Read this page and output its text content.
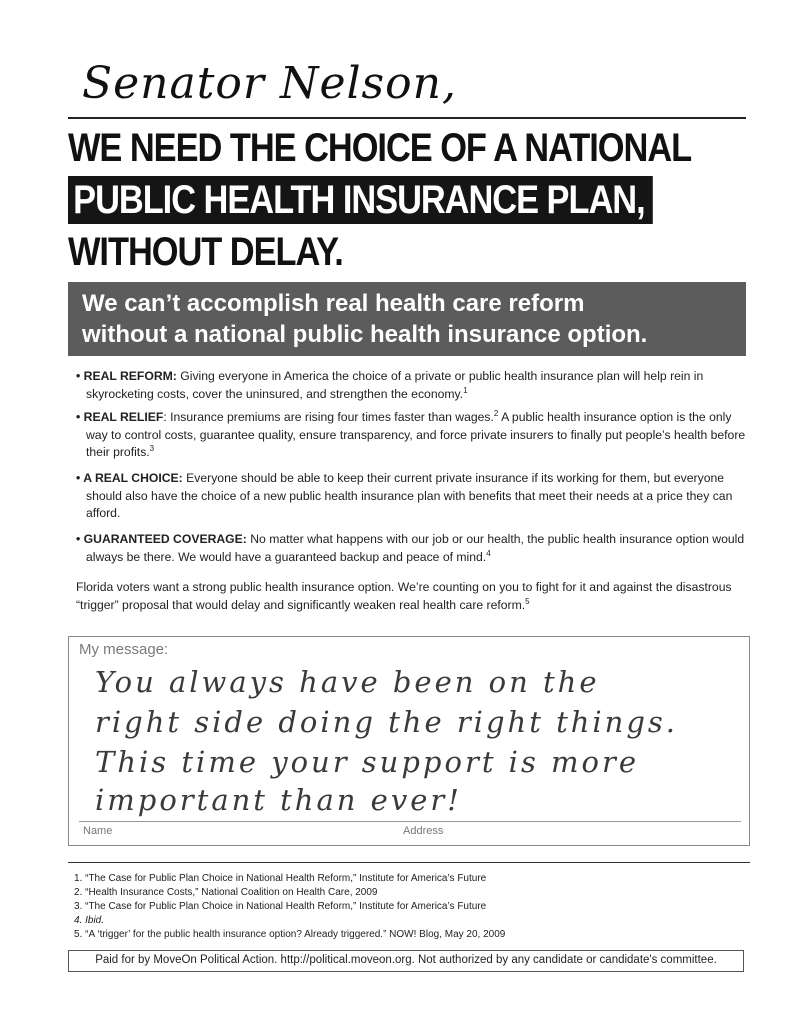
Senator Nelson,
WE NEED THE CHOICE OF A NATIONAL
PUBLIC HEALTH INSURANCE PLAN,
WITHOUT DELAY.
We can’t accomplish real health care reform
without a national public health insurance option.
• REAL REFORM: Giving everyone in America the choice of a private or public health insurance plan will help rein in skyrocketing costs, cover the uninsured, and strengthen the economy.$^1$
• REAL RELIEF: Insurance premiums are rising four times faster than wages.$^2$ A public health insurance option is the only way to control costs, guarantee quality, ensure transparency, and force private insurers to finally put people’s health before their profits.$^3$
• A REAL CHOICE: Everyone should be able to keep their current private insurance if its working for them, but everyone should also have the choice of a new public health insurance plan with benefits that meet their needs at a price they can afford.
• GUARANTEED COVERAGE: No matter what happens with our job or our health, the public health insurance option would always be there. We would have a guaranteed backup and peace of mind.$^4$
Florida voters want a strong public health insurance option. We’re counting on you to fight for it and against the disastrous “trigger” proposal that would delay and significantly weaken real health care reform.$^5$
My message:
You always have been on the
right side doing the right things.
This time your support is more
important than ever!
Name	Address
1. “The Case for Public Plan Choice in National Health Reform,” Institute for America’s Future
2. “Health Insurance Costs,” National Coalition on Health Care, 2009
3. “The Case for Public Plan Choice in National Health Reform,” Institute for America’s Future
4. Ibid.
5. “A ‘trigger’ for the public health insurance option? Already triggered.” NOW! Blog, May 20, 2009
Paid for by MoveOn Political Action. http://political.moveon.org. Not authorized by any candidate or candidate's committee.
